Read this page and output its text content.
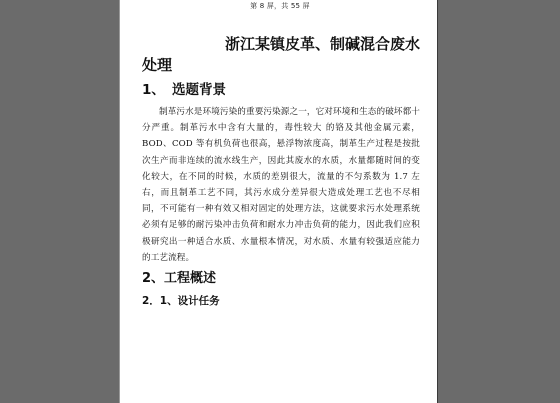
第 8 屏，共 55 屏
浙江某镇皮革、制碱混合废水
处理
1、 选题背景

制革污水是环境污染的重要污染源之一，它对环境和生态的破坏都十分严重。制革污水中含有大量的，毒性较大 的铬及其他金属元素，BOD、COD 等有机负荷也很高，悬浮物浓度高，制革生产过程是按批次生产而非连续的流水线生产，因此其废水的水质，水量都随时间的变化较大，在不同的时候，水质的差别很大，流量的不匀系数为 1.7 左右，而且制革工艺不同，其污水成分差异很大造成处理工艺也不尽相同，不可能有一种有效又相对固定的处理方法，这就要求污水处理系统必须有足够的耐污染冲击负荷和耐水力冲击负荷的能力，因此我们应积极研究出一种适合水质、水量根本情况，对水质、水量有较强适应能力的工艺流程。

2、工程概述
2．1、设计任务
